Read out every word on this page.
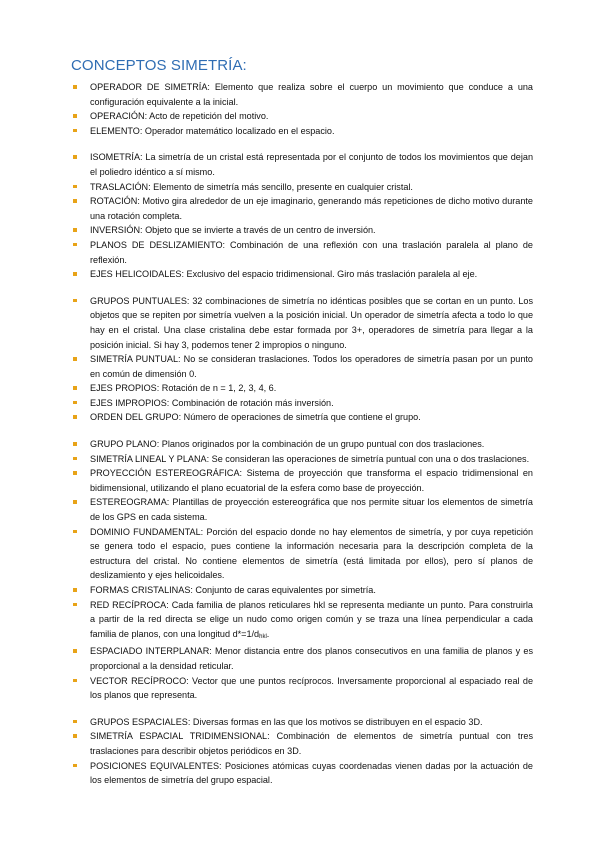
CONCEPTOS SIMETRÍA:
OPERADOR DE SIMETRÍA: Elemento que realiza sobre el cuerpo un movimiento que conduce a una configuración equivalente a la inicial.
OPERACIÓN: Acto de repetición del motivo.
ELEMENTO: Operador matemático localizado en el espacio.
ISOMETRÍA: La simetría de un cristal está representada por el conjunto de todos los movimientos que dejan el poliedro idéntico a sí mismo.
TRASLACIÓN: Elemento de simetría más sencillo, presente en cualquier cristal.
ROTACIÓN: Motivo gira alrededor de un eje imaginario, generando más repeticiones de dicho motivo durante una rotación completa.
INVERSIÓN: Objeto que se invierte a través de un centro de inversión.
PLANOS DE DESLIZAMIENTO: Combinación de una reflexión con una traslación paralela al plano de reflexión.
EJES HELICOIDALES: Exclusivo del espacio tridimensional. Giro más traslación paralela al eje.
GRUPOS PUNTUALES: 32 combinaciones de simetría no idénticas posibles que se cortan en un punto. Los objetos que se repiten por simetría vuelven a la posición inicial. Un operador de simetría afecta a todo lo que hay en el cristal. Una clase cristalina debe estar formada por 3+, operadores de simetría para llegar a la posición inicial. Si hay 3, podemos tener 2 impropios o ninguno.
SIMETRÍA PUNTUAL: No se consideran traslaciones. Todos los operadores de simetría pasan por un punto en común de dimensión 0.
EJES PROPIOS: Rotación de n = 1, 2, 3, 4, 6.
EJES IMPROPIOS: Combinación de rotación más inversión.
ORDEN DEL GRUPO: Número de operaciones de simetría que contiene el grupo.
GRUPO PLANO: Planos originados por la combinación de un grupo puntual con dos traslaciones.
SIMETRÍA LINEAL Y PLANA: Se consideran las operaciones de simetría puntual con una o dos traslaciones.
PROYECCIÓN ESTEREOGRÁFICA: Sistema de proyección que transforma el espacio tridimensional en bidimensional, utilizando el plano ecuatorial de la esfera como base de proyección.
ESTEREOGRAMA: Plantillas de proyección estereográfica que nos permite situar los elementos de simetría de los GPS en cada sistema.
DOMINIO FUNDAMENTAL: Porción del espacio donde no hay elementos de simetría, y por cuya repetición se genera todo el espacio, pues contiene la información necesaria para la descripción completa de la estructura del cristal. No contiene elementos de simetría (está limitada por ellos), pero sí planos de deslizamiento y ejes helicoidales.
FORMAS CRISTALINAS: Conjunto de caras equivalentes por simetría.
RED RECÍPROCA: Cada familia de planos reticulares hkl se representa mediante un punto. Para construirla a partir de la red directa se elige un nudo como origen común y se traza una línea perpendicular a cada familia de planos, con una longitud d*=1/dhkl.
ESPACIADO INTERPLANAR: Menor distancia entre dos planos consecutivos en una familia de planos y es proporcional a la densidad reticular.
VECTOR RECÍPROCO: Vector que une puntos recíprocos. Inversamente proporcional al espaciado real de los planos que representa.
GRUPOS ESPACIALES: Diversas formas en las que los motivos se distribuyen en el espacio 3D.
SIMETRÍA ESPACIAL TRIDIMENSIONAL: Combinación de elementos de simetría puntual con tres traslaciones para describir objetos periódicos en 3D.
POSICIONES EQUIVALENTES: Posiciones atómicas cuyas coordenadas vienen dadas por la actuación de los elementos de simetría del grupo espacial.
